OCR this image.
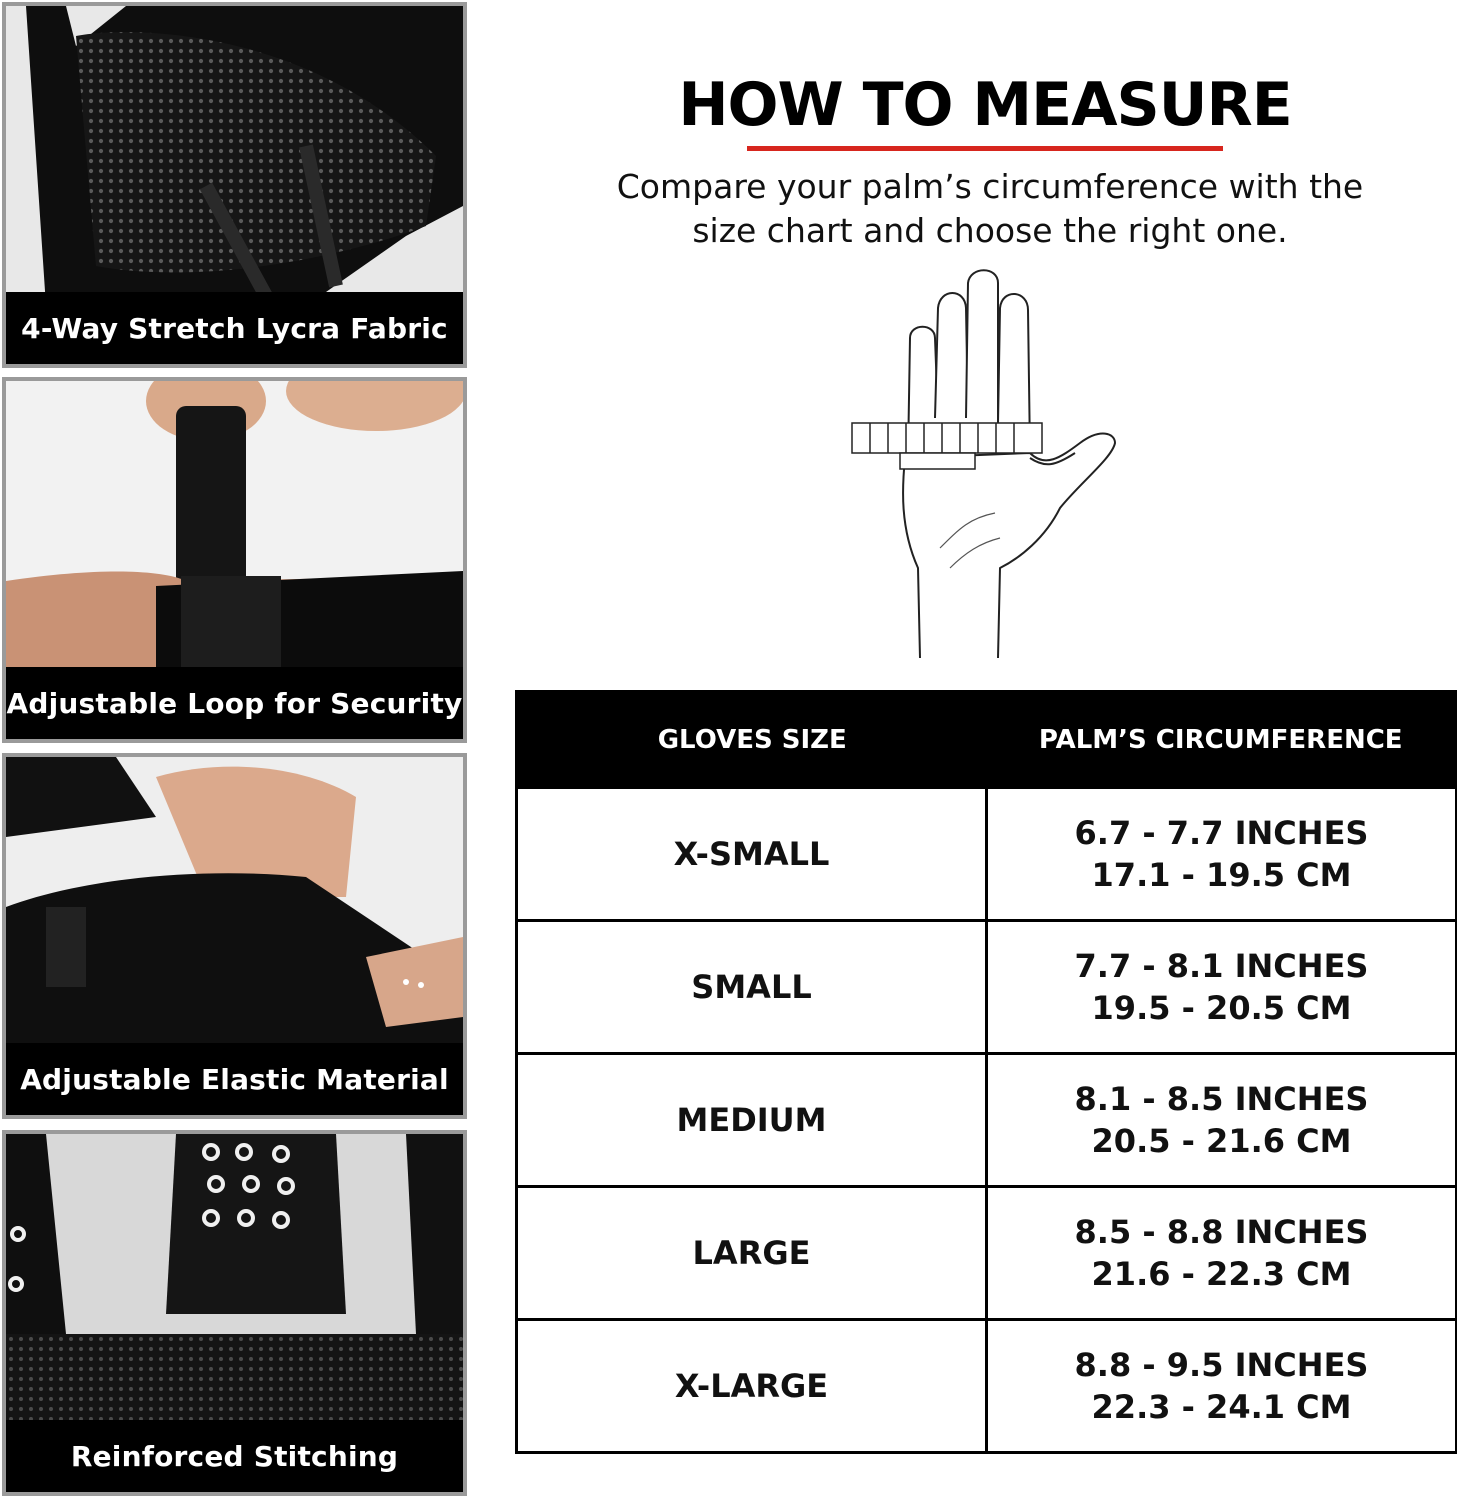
4-Way Stretch Lycra Fabric
Adjustable Loop for Security
Adjustable Elastic Material
Reinforced Stitching
HOW TO MEASURE
Compare your palm’s circumference with the
size chart and choose the right one.
GLOVES SIZE	PALM’S CIRCUMFERENCE
X-SMALL	6.7 - 7.7 INCHES
17.1 - 19.5 CM

SMALL	7.7 - 8.1 INCHES
19.5 - 20.5 CM

MEDIUM	8.1 - 8.5 INCHES
20.5 - 21.6 CM

LARGE	8.5 - 8.8 INCHES
21.6 - 22.3 CM

X-LARGE	8.8 - 9.5 INCHES
22.3 - 24.1 CM
